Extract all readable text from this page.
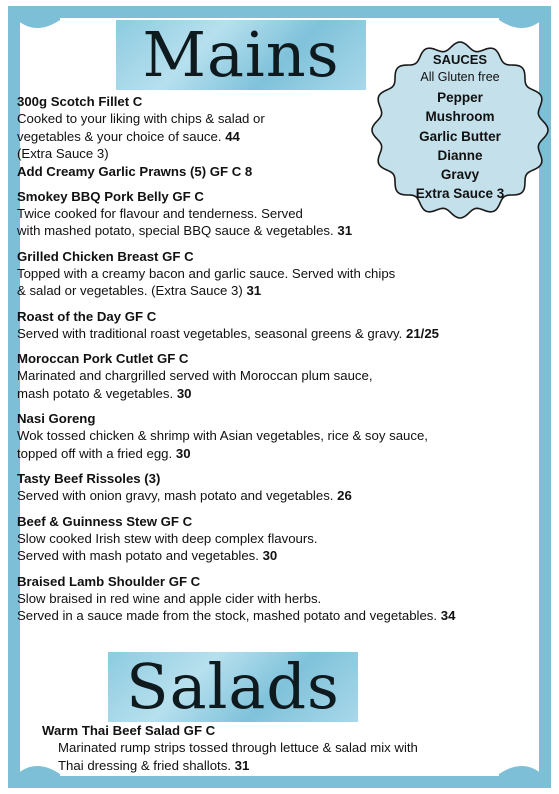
Mains	SAUCES
All Gluten free
Pepper
Mushroom
Garlic Butter
Dianne
Gravy
Extra Sauce 3
300g Scotch Fillet C
Cooked to your liking with chips & salad or
vegetables & your choice of sauce. 44
(Extra Sauce 3)
Add Creamy Garlic Prawns (5) GF C 8
Smokey BBQ Pork Belly GF C
Twice cooked for flavour and tenderness. Served
with mashed potato, special BBQ sauce & vegetables. 31
Grilled Chicken Breast GF C
Topped with a creamy bacon and garlic sauce. Served with chips
& salad or vegetables. (Extra Sauce 3) 31
Roast of the Day GF C
Served with traditional roast vegetables, seasonal greens & gravy. 21/25
Moroccan Pork Cutlet GF C
Marinated and chargrilled served with Moroccan plum sauce,
mash potato & vegetables. 30
Nasi Goreng
Wok tossed chicken & shrimp with Asian vegetables, rice & soy sauce,
topped off with a fried egg. 30
Tasty Beef Rissoles (3)
Served with onion gravy, mash potato and vegetables. 26
Beef & Guinness Stew GF C
Slow cooked Irish stew with deep complex flavours.
Served with mash potato and vegetables. 30
Braised Lamb Shoulder GF C
Slow braised in red wine and apple cider with herbs.
Served in a sauce made from the stock, mashed potato and vegetables. 34
Salads
Warm Thai Beef Salad GF C
Marinated rump strips tossed through lettuce & salad mix with
Thai dressing & fried shallots. 31
